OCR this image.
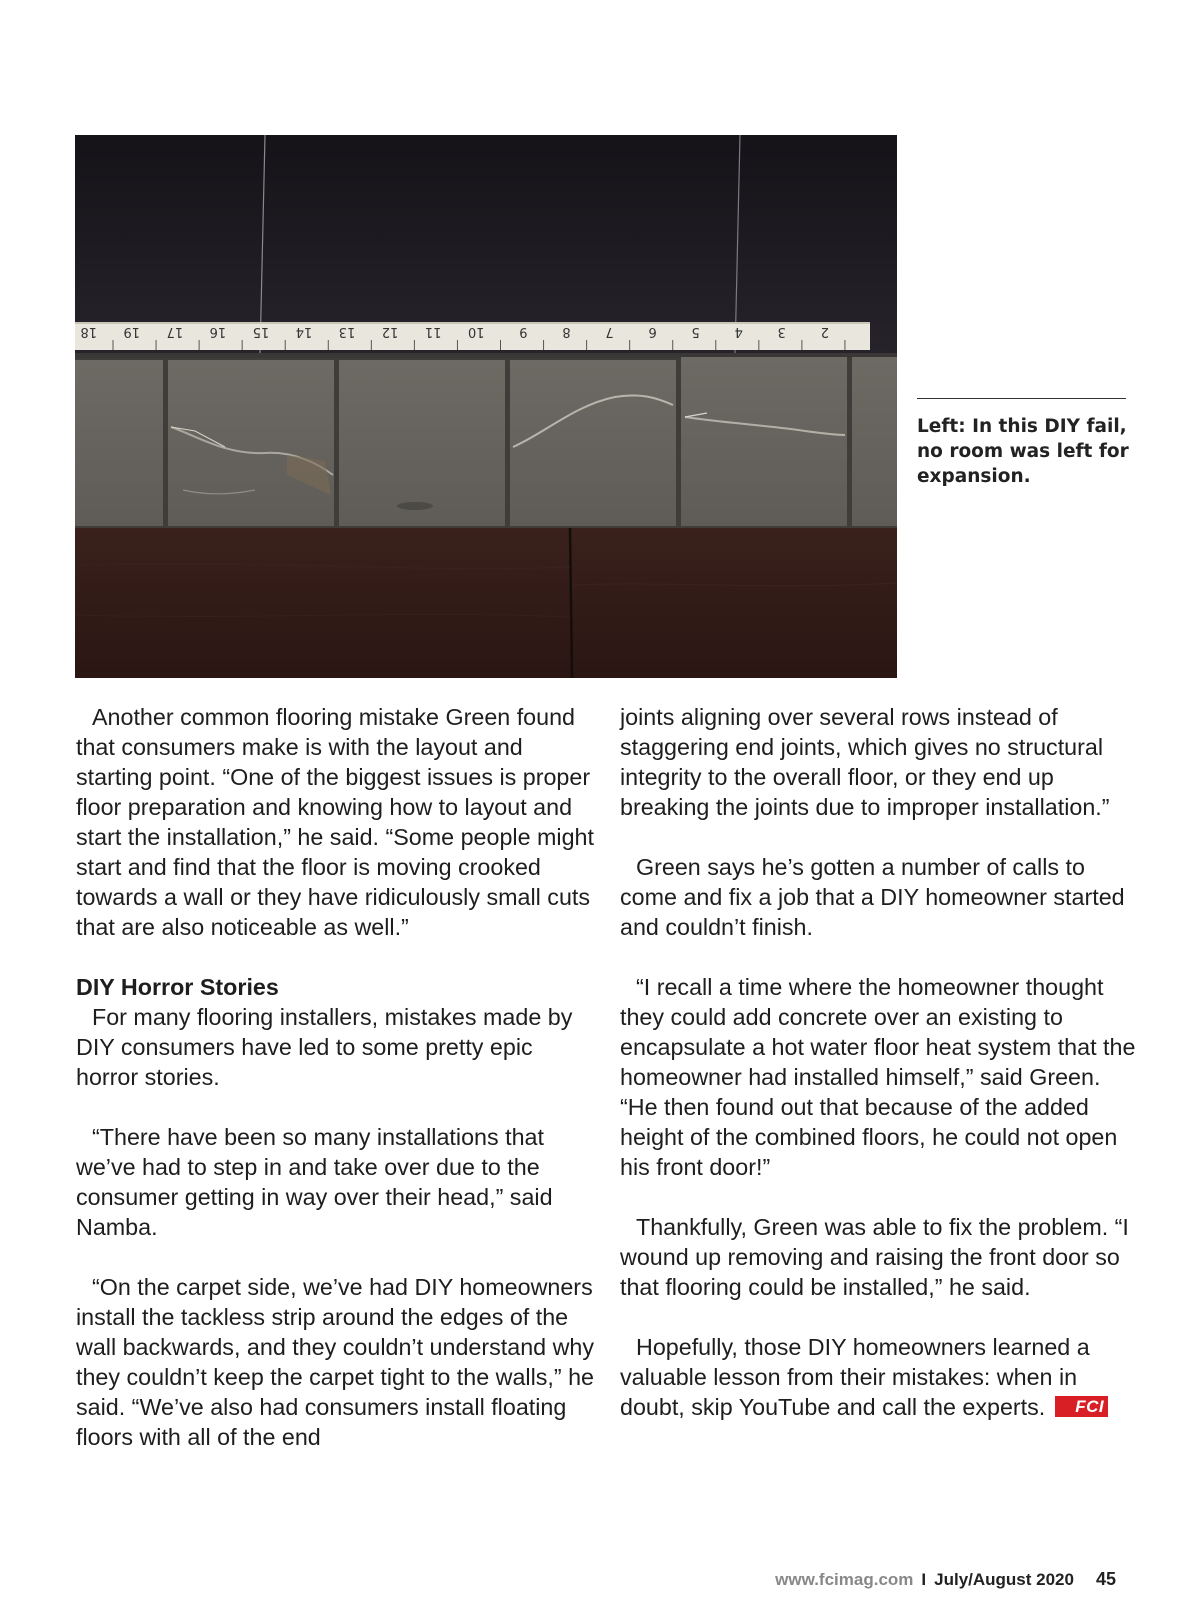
18 19 17 16 15 14 13 12 11 10	9	8	7	6	5	4	3	2
Left: In this DIY fail, no room was left for expansion.

Another common flooring mistake Green found that consumers make is with the layout and starting point. “One of the biggest issues is proper floor preparation and knowing how to layout and start the installation,” he said. “Some people might start and find that the floor is moving crooked towards a wall or they have ridiculously small cuts that are also noticeable as well.”

DIY Horror Stories

For many flooring installers, mistakes made by DIY consumers have led to some pretty epic horror stories.

“There have been so many installations that we’ve had to step in and take over due to the consumer getting in way over their head,” said Namba.

“On the carpet side, we’ve had DIY homeowners install the tackless strip around the edges of the wall backwards, and they couldn’t understand why they couldn’t keep the carpet tight to the walls,” he said. “We’ve also had consumers install floating floors with all of the end

joints aligning over several rows instead of staggering end joints, which gives no structural integrity to the overall floor, or they end up breaking the joints due to improper installation.”

Green says he’s gotten a number of calls to come and fix a job that a DIY homeowner started and couldn’t finish.

“I recall a time where the homeowner thought they could add concrete over an existing to encapsulate a hot water floor heat system that the homeowner had installed himself,” said Green. “He then found out that because of the added height of the combined floors, he could not open his front door!”

Thankfully, Green was able to fix the problem. “I wound up removing and raising the front door so that flooring could be installed,” he said.

Hopefully, those DIY homeowners learned a valuable lesson from their mistakes: when in doubt, skip YouTube and call the experts. FCI

www.fcimag.com I July/August 2020 45
